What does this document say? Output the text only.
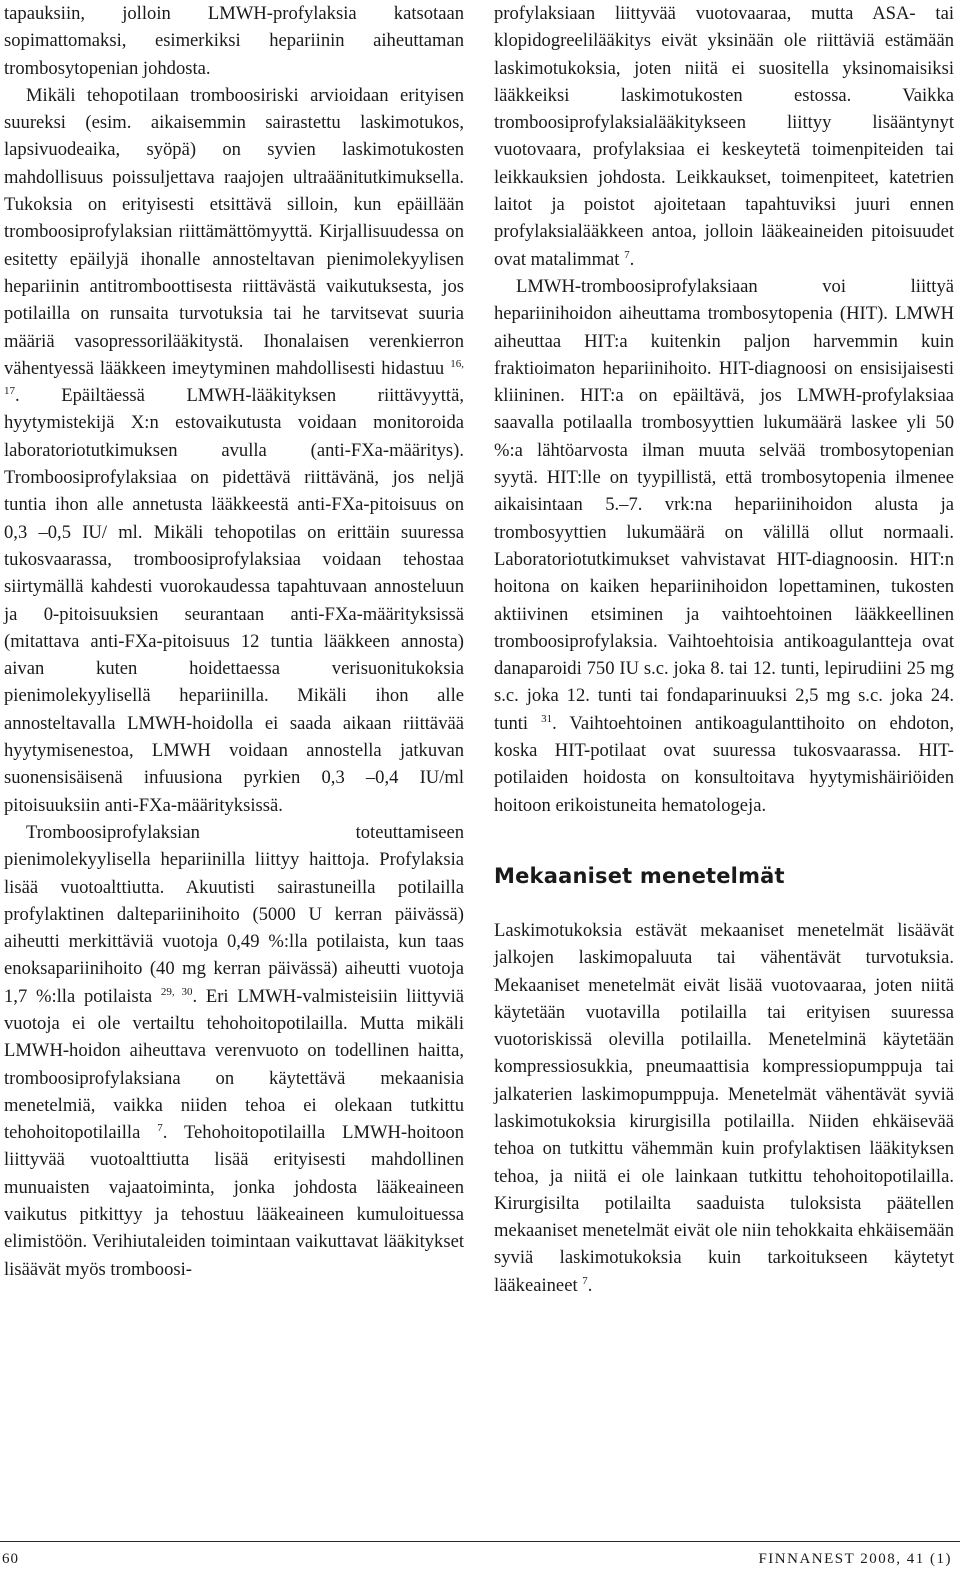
tapauksiin, jolloin LMWH-profylaksia katsotaan sopimattomaksi, esimerkiksi hepariinin aiheuttaman trombosytopenian johdosta.

Mikäli tehopotilaan tromboosiriski arvioidaan erityisen suureksi (esim. aikaisemmin sairastettu laskimotukos, lapsivuodeaika, syöpä) on syvien laskimotukosten mahdollisuus poissuljettava raajojen ultraäänitutkimuksella. Tukoksia on erityisesti etsittävä silloin, kun epäillään tromboosiprofylaksian riittämättömyyttä. Kirjallisuudessa on esitetty epäilyjä ihonalle annosteltavan pienimolekyylisen hepariinin antitromboottisesta riittävästä vaikutuksesta, jos potilailla on runsaita turvotuksia tai he tarvitsevat suuria määriä vasopressorilääkitystä. Ihonalaisen verenkierron vähentyessä lääkkeen imeytyminen mahdollisesti hidastuu $^{16, 17}$. Epäiltäessä LMWH-lääkityksen riittävyyttä, hyytymistekijä X:n estovaikutusta voidaan monitoroida laboratoriotutkimuksen avulla (anti-FXa-määritys). Tromboosiprofylaksiaa on pidettävä riittävänä, jos neljä tuntia ihon alle annetusta lääkkeestä anti-FXa-pitoisuus on 0,3 –0,5 IU/ ml. Mikäli tehopotilas on erittäin suuressa tukosvaarassa, tromboosiprofylaksiaa voidaan tehostaa siirtymällä kahdesti vuorokaudessa tapahtuvaan annosteluun ja 0-pitoisuuksien seurantaan anti-FXa-määrityksissä (mitattava anti-FXa-pitoisuus 12 tuntia lääkkeen annosta) aivan kuten hoidettaessa verisuonitukoksia pienimolekyylisellä hepariinilla. Mikäli ihon alle annosteltavalla LMWH-hoidolla ei saada aikaan riittävää hyytymisenestoa, LMWH voidaan annostella jatkuvan suonensisäisenä infuusiona pyrkien 0,3 –0,4 IU/ml pitoisuuksiin anti-FXa-määrityksissä.

Tromboosiprofylaksian toteuttamiseen pienimolekyylisella hepariinilla liittyy haittoja. Profylaksia lisää vuotoalttiutta. Akuutisti sairastuneilla potilailla profylaktinen daltepariinihoito (5000 U kerran päivässä) aiheutti merkittäviä vuotoja 0,49 %:lla potilaista, kun taas enoksapariinihoito (40 mg kerran päivässä) aiheutti vuotoja 1,7 %:lla potilaista $^{29, 30}$. Eri LMWH-valmisteisiin liittyviä vuotoja ei ole vertailtu tehohoitopotilailla. Mutta mikäli LMWH-hoidon aiheuttava verenvuoto on todellinen haitta, tromboosiprofylaksiana on käytettävä mekaanisia menetelmiä, vaikka niiden tehoa ei olekaan tutkittu tehohoitopotilailla $^7$. Tehohoitopotilailla LMWH-hoitoon liittyvää vuotoalttiutta lisää erityisesti mahdollinen munuaisten vajaatoiminta, jonka johdosta lääkeaineen vaikutus pitkittyy ja tehostuu lääkeaineen kumuloituessa elimistöön. Verihiutaleiden toimintaan vaikuttavat lääkitykset lisäävät myös tromboosi-

profylaksiaan liittyvää vuotovaaraa, mutta ASA- tai klopidogreelilääkitys eivät yksinään ole riittäviä estämään laskimotukoksia, joten niitä ei suositella yksinomaisiksi lääkkeiksi laskimotukosten estossa. Vaikka tromboosiprofylaksialääkitykseen liittyy lisääntynyt vuotovaara, profylaksiaa ei keskeytetä toimenpiteiden tai leikkauksien johdosta. Leikkaukset, toimenpiteet, katetrien laitot ja poistot ajoitetaan tapahtuviksi juuri ennen profylaksialääkkeen antoa, jolloin lääkeaineiden pitoisuudet ovat matalimmat $^7$.

LMWH-tromboosiprofylaksiaan voi liittyä hepariinihoidon aiheuttama trombosytopenia (HIT). LMWH aiheuttaa HIT:a kuitenkin paljon harvemmin kuin fraktioimaton hepariinihoito. HIT-diagnoosi on ensisijaisesti kliininen. HIT:a on epäiltävä, jos LMWH-profylaksiaa saavalla potilaalla trombosyyttien lukumäärä laskee yli 50 %:a lähtöarvosta ilman muuta selvää trombosytopenian syytä. HIT:lle on tyypillistä, että trombosytopenia ilmenee aikaisintaan 5.–7. vrk:na hepariinihoidon alusta ja trombosyyttien lukumäärä on välillä ollut normaali. Laboratoriotutkimukset vahvistavat HIT-diagnoosin. HIT:n hoitona on kaiken hepariinihoidon lopettaminen, tukosten aktiivinen etsiminen ja vaihtoehtoinen lääkkeellinen tromboosiprofylaksia. Vaihtoehtoisia antikoagulantteja ovat danaparoidi 750 IU s.c. joka 8. tai 12. tunti, lepirudiini 25 mg s.c. joka 12. tunti tai fondaparinuuksi 2,5 mg s.c. joka 24. tunti $^{31}$. Vaihtoehtoinen antikoagulanttihoito on ehdoton, koska HIT-potilaat ovat suuressa tukosvaarassa. HIT-potilaiden hoidosta on konsultoitava hyytymishäiriöiden hoitoon erikoistuneita hematologeja.

Mekaaniset menetelmät

Laskimotukoksia estävät mekaaniset menetelmät lisäävät jalkojen laskimopaluuta tai vähentävät turvotuksia. Mekaaniset menetelmät eivät lisää vuotovaaraa, joten niitä käytetään vuotavilla potilailla tai erityisen suuressa vuotoriskissä olevilla potilailla. Menetelminä käytetään kompressiosukkia, pneumaattisia kompressiopumppuja tai jalkaterien laskimopumppuja. Menetelmät vähentävät syviä laskimotukoksia kirurgisilla potilailla. Niiden ehkäisevää tehoa on tutkittu vähemmän kuin profylaktisen lääkityksen tehoa, ja niitä ei ole lainkaan tutkittu tehohoitopotilailla. Kirurgisilta potilailta saaduista tuloksista päätellen mekaaniset menetelmät eivät ole niin tehokkaita ehkäisemään syviä laskimotukoksia kuin tarkoitukseen käytetyt lääkeaineet $^7$.

60	FINNANEST 2008, 41 (1)
